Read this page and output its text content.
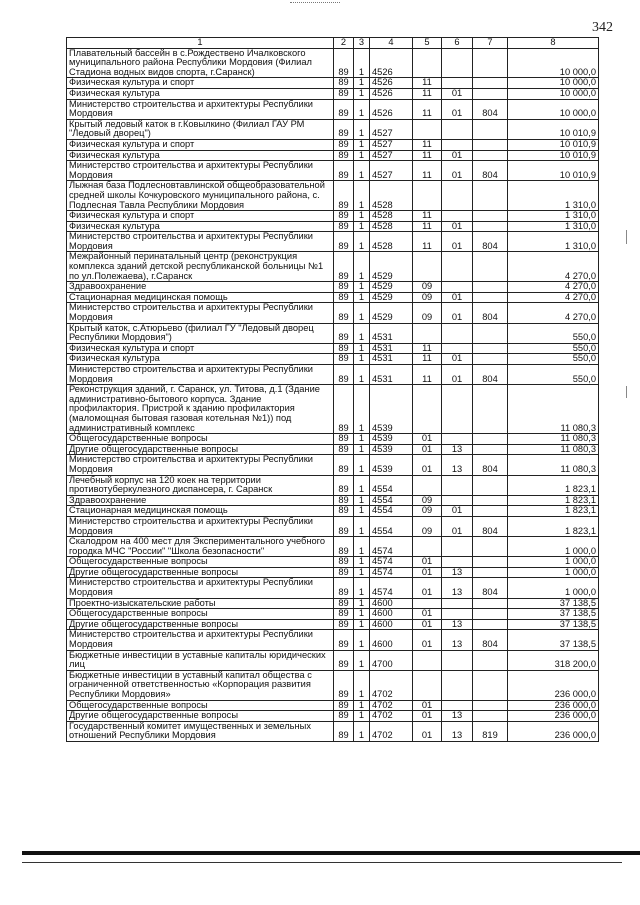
342
1	2	3	4	5	6	7	8
Плавательный бассейн в с.Рождествено Ичалковского муниципального района Республики Мордовия (Филиал Стадиона водных видов спорта, г.Саранск)	89	1	4526				10 000,0
Физическая культура и спорт	89	1	4526	11			10 000,0
Физическая культура	89	1	4526	11	01		10 000,0
Министерство строительства и архитектуры Республики Мордовия	89	1	4526	11	01	804	10 000,0
Крытый ледовый каток в г.Ковылкино (Филиал ГАУ РМ "Ледовый дворец")	89	1	4527				10 010,9
Физическая культура и спорт	89	1	4527	11			10 010,9
Физическая культура	89	1	4527	11	01		10 010,9
Министерство строительства и архитектуры Республики Мордовия	89	1	4527	11	01	804	10 010,9
Лыжная база Подлесновтавлинской общеобразовательной средней школы Кочкуровского муниципального района, с. Подлесная Тавла Республики Мордовия	89	1	4528				1 310,0
Физическая культура и спорт	89	1	4528	11			1 310,0
Физическая культура	89	1	4528	11	01		1 310,0
Министерство строительства и архитектуры Республики Мордовия	89	1	4528	11	01	804	1 310,0
Межрайонный перинатальный центр (реконструкция комплекса зданий детской республиканской больницы №1 по ул.Полежаева), г.Саранск	89	1	4529				4 270,0
Здравоохранение	89	1	4529	09			4 270,0
Стационарная медицинская помощь	89	1	4529	09	01		4 270,0
Министерство строительства и архитектуры Республики Мордовия	89	1	4529	09	01	804	4 270,0
Крытый каток, с.Атюрьево (филиал ГУ "Ледовый дворец Республики Мордовия")	89	1	4531				550,0
Физическая культура и спорт	89	1	4531	11			550,0
Физическая культура	89	1	4531	11	01		550,0
Министерство строительства и архитектуры Республики Мордовия	89	1	4531	11	01	804	550,0
Реконструкция зданий, г. Саранск, ул. Титова, д.1 (Здание административно-бытового корпуса. Здание профилактория. Пристрой к зданию профилактория (маломощная бытовая газовая котельная №1)) под административный комплекс	89	1	4539				11 080,3
Общегосударственные вопросы	89	1	4539	01			11 080,3
Другие общегосударственные вопросы	89	1	4539	01	13		11 080,3
Министерство строительства и архитектуры Республики Мордовия	89	1	4539	01	13	804	11 080,3
Лечебный корпус на 120 коек на территории противотуберкулезного диспансера, г. Саранск	89	1	4554				1 823,1
Здравоохранение	89	1	4554	09			1 823,1
Стационарная медицинская помощь	89	1	4554	09	01		1 823,1
Министерство строительства и архитектуры Республики Мордовия	89	1	4554	09	01	804	1 823,1
Скалодром на 400 мест для Экспериментального учебного городка МЧС "России" "Школа безопасности"	89	1	4574				1 000,0
Общегосударственные вопросы	89	1	4574	01			1 000,0
Другие общегосударственные вопросы	89	1	4574	01	13		1 000,0
Министерство строительства и архитектуры Республики Мордовия	89	1	4574	01	13	804	1 000,0
Проектно-изыскательские работы	89	1	4600				37 138,5
Общегосударственные вопросы	89	1	4600	01			37 138,5
Другие общегосударственные вопросы	89	1	4600	01	13		37 138,5
Министерство строительства и архитектуры Республики Мордовия	89	1	4600	01	13	804	37 138,5
Бюджетные инвестиции в уставные капиталы юридических лиц	89	1	4700				318 200,0
Бюджетные инвестиции в уставный капитал общества с ограниченной ответственностью «Корпорация развития Республики Мордовия»	89	1	4702				236 000,0
Общегосударственные вопросы	89	1	4702	01			236 000,0
Другие общегосударственные вопросы	89	1	4702	01	13		236 000,0
Государственный комитет имущественных и земельных отношений Республики Мордовия	89	1	4702	01	13	819	236 000,0
